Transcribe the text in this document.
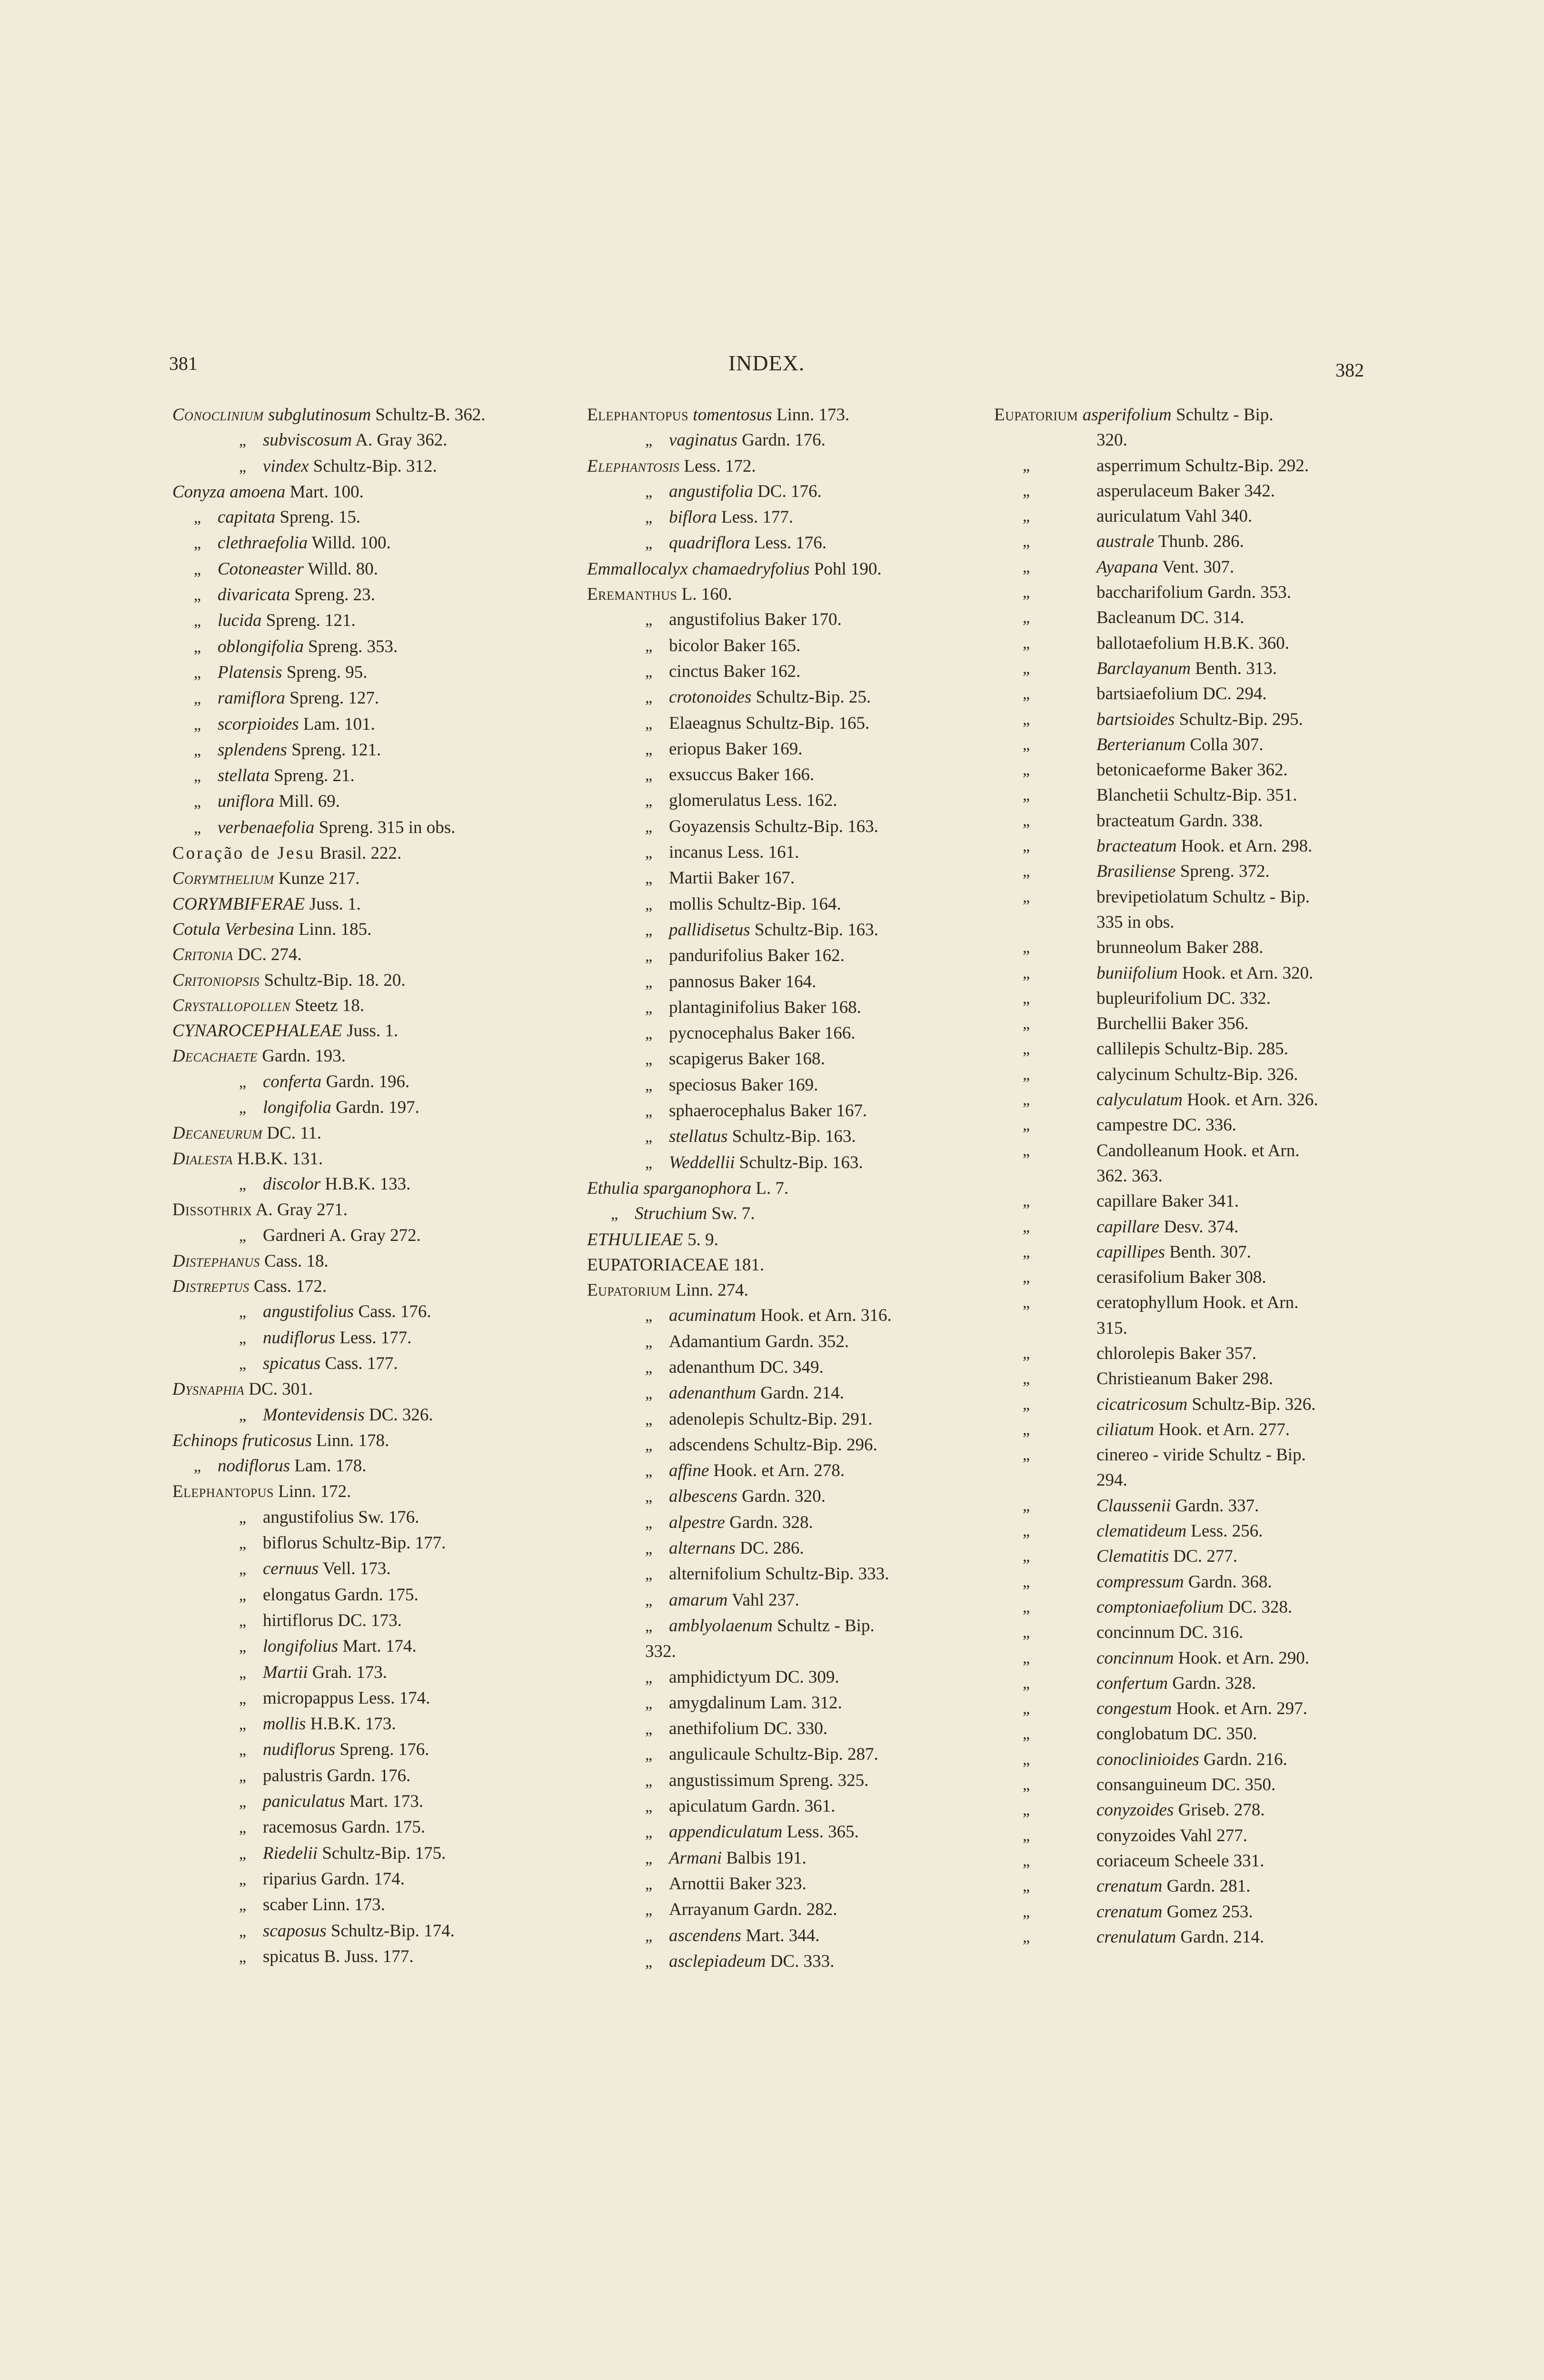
381	INDEX.	382
Conoclinium subglutinosum Schultz-B. 362.
„ subviscosum A. Gray 362.
„ vindex Schultz-Bip. 312.
Conyza amoena Mart. 100.
„ capitata Spreng. 15.
„ clethraefolia Willd. 100.
„ Cotoneaster Willd. 80.
„ divaricata Spreng. 23.
„ lucida Spreng. 121.
„ oblongifolia Spreng. 353.
„ Platensis Spreng. 95.
„ ramiflora Spreng. 127.
„ scorpioides Lam. 101.
„ splendens Spreng. 121.
„ stellata Spreng. 21.
„ uniflora Mill. 69.
„ verbenaefolia Spreng. 315 in obs.
Coração de Jesu Brasil. 222.
Corymthelium Kunze 217.
CORYMBIFERAE Juss. 1.
Cotula Verbesina Linn. 185.
Critonia DC. 274.
Critoniopsis Schultz-Bip. 18. 20.
Crystallopollen Steetz 18.
CYNAROCEPHALEAE Juss. 1.
Decachaete Gardn. 193.
„ conferta Gardn. 196.
„ longifolia Gardn. 197.
Decaneurum DC. 11.
Dialesta H.B.K. 131.
„ discolor H.B.K. 133.
Dissothrix A. Gray 271.
„ Gardneri A. Gray 272.
Distephanus Cass. 18.
Distreptus Cass. 172.
„ angustifolius Cass. 176.
„ nudiflorus Less. 177.
„ spicatus Cass. 177.
Dysnaphia DC. 301.
„ Montevidensis DC. 326.
Echinops fruticosus Linn. 178.
„ nodiflorus Lam. 178.
Elephantopus Linn. 172.
„ angustifolius Sw. 176.
„ biflorus Schultz-Bip. 177.
„ cernuus Vell. 173.
„ elongatus Gardn. 175.
„ hirtiflorus DC. 173.
„ longifolius Mart. 174.
„ Martii Grah. 173.
„ micropappus Less. 174.
„ mollis H.B.K. 173.
„ nudiflorus Spreng. 176.
„ palustris Gardn. 176.
„ paniculatus Mart. 173.
„ racemosus Gardn. 175.
„ Riedelii Schultz-Bip. 175.
„ riparius Gardn. 174.
„ scaber Linn. 173.
„ scaposus Schultz-Bip. 174.
„ spicatus B. Juss. 177.
Elephantopus tomentosus Linn. 173.
„ vaginatus Gardn. 176.
Elephantosis Less. 172.
„ angustifolia DC. 176.
„ biflora Less. 177.
„ quadriflora Less. 176.
Emmallocalyx chamaedryfolius Pohl 190.
Eremanthus L. 160.
„ angustifolius Baker 170.
„ bicolor Baker 165.
„ cinctus Baker 162.
„ crotonoides Schultz-Bip. 25.
„ Elaeagnus Schultz-Bip. 165.
„ eriopus Baker 169.
„ exsuccus Baker 166.
„ glomerulatus Less. 162.
„ Goyazensis Schultz-Bip. 163.
„ incanus Less. 161.
„ Martii Baker 167.
„ mollis Schultz-Bip. 164.
„ pallidisetus Schultz-Bip. 163.
„ pandurifolius Baker 162.
„ pannosus Baker 164.
„ plantaginifolius Baker 168.
„ pycnocephalus Baker 166.
„ scapigerus Baker 168.
„ speciosus Baker 169.
„ sphaerocephalus Baker 167.
„ stellatus Schultz-Bip. 163.
„ Weddellii Schultz-Bip. 163.
Ethulia sparganophora L. 7.
„ Struchium Sw. 7.
ETHULIEAE 5. 9.
EUPATORIACEAE 181.
Eupatorium Linn. 274.
„ acuminatum Hook. et Arn. 316.
„ Adamantium Gardn. 352.
„ adenanthum DC. 349.
„ adenanthum Gardn. 214.
„ adenolepis Schultz-Bip. 291.
„ adscendens Schultz-Bip. 296.
„ affine Hook. et Arn. 278.
„ albescens Gardn. 320.
„ alpestre Gardn. 328.
„ alternans DC. 286.
„ alternifolium Schultz-Bip. 333.
„ amarum Vahl 237.
„ amblyolaenum Schultz - Bip.
332.
„ amphidictyum DC. 309.
„ amygdalinum Lam. 312.
„ anethifolium DC. 330.
„ angulicaule Schultz-Bip. 287.
„ angustissimum Spreng. 325.
„ apiculatum Gardn. 361.
„ appendiculatum Less. 365.
„ Armani Balbis 191.
„ Arnottii Baker 323.
„ Arrayanum Gardn. 282.
„ ascendens Mart. 344.
„ asclepiadeum DC. 333.
Eupatorium asperifolium Schultz - Bip.
320.
„	asperrimum Schultz-Bip. 292.
„	asperulaceum Baker 342.
„	auriculatum Vahl 340.
„	australe Thunb. 286.
„	Ayapana Vent. 307.
„	baccharifolium Gardn. 353.
„	Bacleanum DC. 314.
„	ballotaefolium H.B.K. 360.
„	Barclayanum Benth. 313.
„	bartsiaefolium DC. 294.
„	bartsioides Schultz-Bip. 295.
„	Berterianum Colla 307.
„	betonicaeforme Baker 362.
„	Blanchetii Schultz-Bip. 351.
„	bracteatum Gardn. 338.
„	bracteatum Hook. et Arn. 298.
„	Brasiliense Spreng. 372.
„	brevipetiolatum Schultz - Bip.
335 in obs.
„	brunneolum Baker 288.
„	buniifolium Hook. et Arn. 320.
„	bupleurifolium DC. 332.
„	Burchellii Baker 356.
„	callilepis Schultz-Bip. 285.
„	calycinum Schultz-Bip. 326.
„	calyculatum Hook. et Arn. 326.
„	campestre DC. 336.
„	Candolleanum Hook. et Arn.
362. 363.
„	capillare Baker 341.
„	capillare Desv. 374.
„	capillipes Benth. 307.
„	cerasifolium Baker 308.
„	ceratophyllum Hook. et Arn.
315.
„	chlorolepis Baker 357.
„	Christieanum Baker 298.
„	cicatricosum Schultz-Bip. 326.
„	ciliatum Hook. et Arn. 277.
„	cinereo - viride Schultz - Bip.
294.
„	Claussenii Gardn. 337.
„	clematideum Less. 256.
„	Clematitis DC. 277.
„	compressum Gardn. 368.
„	comptoniaefolium DC. 328.
„	concinnum DC. 316.
„	concinnum Hook. et Arn. 290.
„	confertum Gardn. 328.
„	congestum Hook. et Arn. 297.
„	conglobatum DC. 350.
„	conoclinioides Gardn. 216.
„	consanguineum DC. 350.
„	conyzoides Griseb. 278.
„	conyzoides Vahl 277.
„	coriaceum Scheele 331.
„	crenatum Gardn. 281.
„	crenatum Gomez 253.
„	crenulatum Gardn. 214.
